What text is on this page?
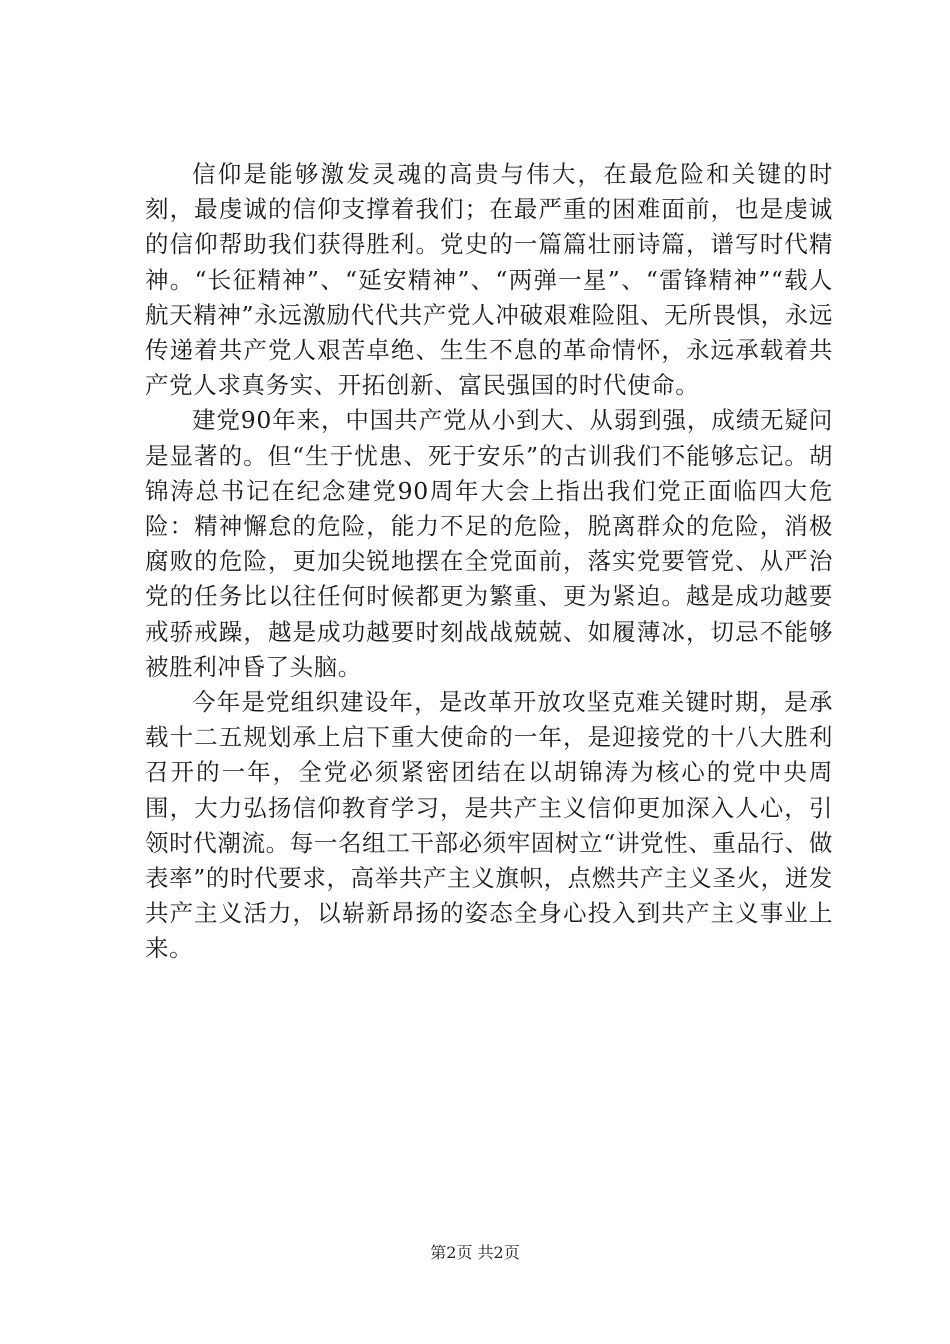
信仰是能够激发灵魂的高贵与伟大，在最危险和关键的时刻，最虔诚的信仰支撑着我们；在最严重的困难面前，也是虔诚的信仰帮助我们获得胜利。党史的一篇篇壮丽诗篇，谱写时代精神。“长征精神”、“延安精神”、“两弹一星”、“雷锋精神”“载人航天精神”永远激励代代共产党人冲破艰难险阻、无所畏惧，永远传递着共产党人艰苦卓绝、生生不息的革命情怀，永远承载着共产党人求真务实、开拓创新、富民强国的时代使命。

建党90年来，中国共产党从小到大、从弱到强，成绩无疑问是显著的。但“生于忧患、死于安乐”的古训我们不能够忘记。胡锦涛总书记在纪念建党90周年大会上指出我们党正面临四大危险：精神懈怠的危险，能力不足的危险，脱离群众的危险，消极腐败的危险，更加尖锐地摆在全党面前，落实党要管党、从严治党的任务比以往任何时候都更为繁重、更为紧迫。越是成功越要戒骄戒躁，越是成功越要时刻战战兢兢、如履薄冰，切忌不能够被胜利冲昏了头脑。

今年是党组织建设年，是改革开放攻坚克难关键时期，是承载十二五规划承上启下重大使命的一年，是迎接党的十八大胜利召开的一年，全党必须紧密团结在以胡锦涛为核心的党中央周围，大力弘扬信仰教育学习，是共产主义信仰更加深入人心，引领时代潮流。每一名组工干部必须牢固树立“讲党性、重品行、做表率”的时代要求，高举共产主义旗帜，点燃共产主义圣火，迸发共产主义活力，以崭新昂扬的姿态全身心投入到共产主义事业上来。

第2页 共2页
